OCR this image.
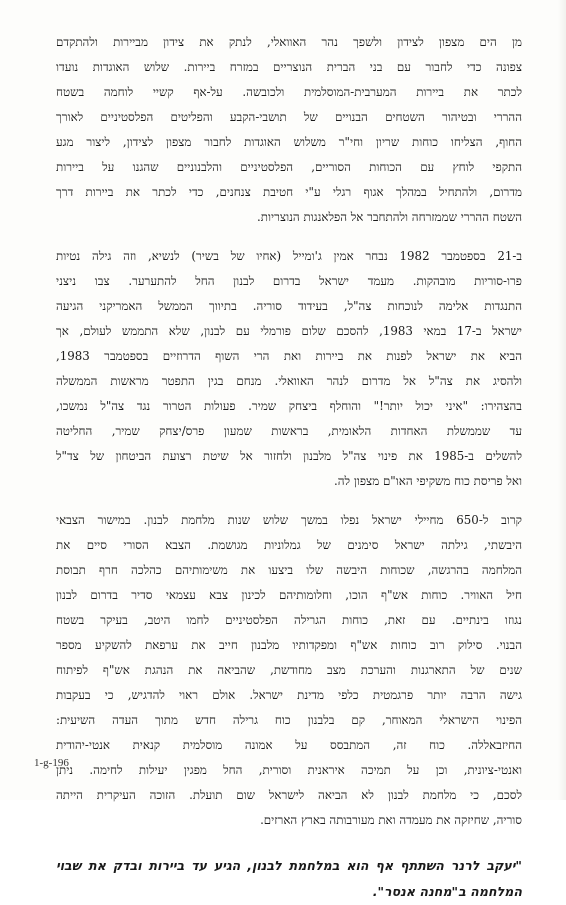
מן הים מצפון לצידון ולשפך נהר האוואלי, לנתק את צידון מביירות ולהתקדם
צפונה כדי לחבור עם בני הברית הנוצריים במזרח ביירות. שלוש האוגדות נועדו
לכתר את ביירות המערבית-המוסלמית ולכובשה. על-אף קשיי לוחמה בשטח
ההררי ובטיהור השטחים הבנויים של תושבי-הקבע והפליטים הפלסטיניים לאורך
החוף, הצליחו כוחות שריון וחי"ר משלוש האוגדות לחבור מצפון לצידון, ליצור מגע
התקפי לוחץ עם הכוחות הסוריים, הפלסטיניים והלבנוניים שהגנו על ביירות
מדרום, ולהתחיל במהלך אגוף רגלי ע"י חטיבת צנחנים, כדי לכתר את ביירות דרך
השטח ההררי שממזרחה ולהתחבר אל הפלאנגות הנוצריות.
ב-21 בספטמבר 1982 נבחר אמין ג'ומייל (אחיו של בשיר) לנשיא, וזה גילה נטיות
פרו-סוריות מובהקות. מעמד ישראל בדרום לבנון החל להתערער. צבו ניצני
התנגדות אלימה לנוכחות צה"ל, בעידוד סוריה. בתיווך הממשל האמריקני הגיעה
ישראל ב-17 במאי 1983, להסכם שלום פורמלי עם לבנון, שלא התממש לעולם, אך
הביא את ישראל לפנות את ביירות ואת הרי השוף הדרוזיים בספטמבר 1983,
ולהסיג את צה"ל אל מדרום לנהר האוואלי. מנחם בגין התפטר מראשות הממשלה
בהצהירו: "איני יכול יותר!" והוחלף ביצחק שמיר. פעולות הטרור נגד צה"ל נמשכו,
עד שממשלת האחדות הלאומית, בראשות שמעון פרס/יצחק שמיר, החליטה
להשלים ב-1985 את פינוי צה"ל מלבנון ולחזור אל שיטת רצועת הביטחון של צד"ל
ואל פריסת כוח משקיפי האו"ם מצפון לה.
קרוב ל-650 מחיילי ישראל נפלו במשך שלוש שנות מלחמת לבנון. במישור הצבאי
היבשתי, גילתה ישראל סימנים של גמלוניות מגושמת. הצבא הסורי סיים את
המלחמה בהרגשה, שכוחות היבשה שלו ביצעו את משימותיהם כהלכה חרף תבוסת
חיל האוויר. כוחות אש"ף הוכו, וחלומותיהם לכינון צבא עצמאי סדיר בדרום לבנון
נגוזו בינתיים. עם זאת, כוחות הגרילה הפלסטיניים לחמו היטב, בעיקר בשטח
הבנוי. סילוק רוב כוחות אש"ף ומפקדותיו מלבנון חייב את ערפאת להשקיע מספר
שנים של התארגנות והערכת מצב מחודשת, שהביאה את הנהגת אש"ף לפיתוח
גישה הרבה יותר פרגמטית כלפי מדינת ישראל. אולם ראוי להדגיש, כי בעקבות
הפינוי הישראלי המאוחר, קם בלבנון כוח גרילה חדש מתוך העדה השיעית:
החיזבאללה. כוח זה, המתבסס על אמונה מוסלמית קנאית אנטי-יהודית
ואנטי-ציונית, וכן על תמיכה איראנית וסורית, החל מפגין יעילות לחימה. ניתן
לסכם, כי מלחמת לבנון לא הביאה לישראל שום תועלת. הזוכה העיקרית הייתה
סוריה, שחיזקה את מעמדה ואת מעורבותה בארץ הארזים.
"יעקב לרנר השתתף אף הוא במלחמת לבנון, הגיע עד ביירות ובדק את שבוי
המלחמה ב"מחנה אנסר".
1-g-196
